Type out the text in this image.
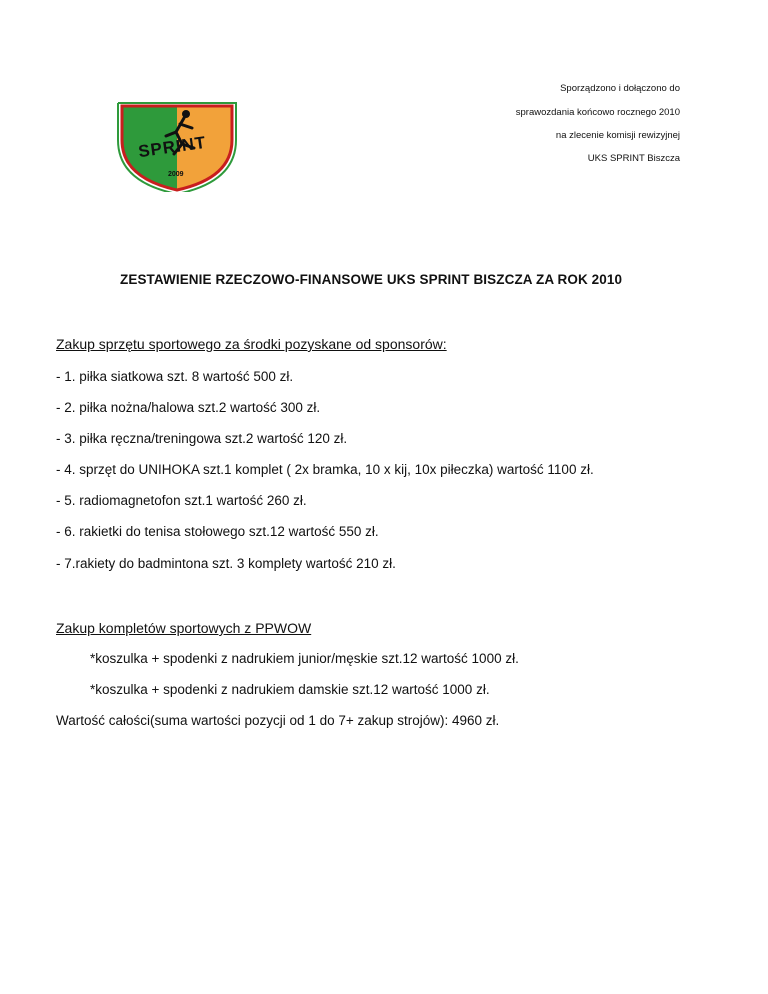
SPRINT
2009
Sporządzono i dołączono do
sprawozdania końcowo rocznego 2010
na zlecenie komisji rewizyjnej
UKS SPRINT Biszcza
ZESTAWIENIE RZECZOWO-FINANSOWE UKS SPRINT BISZCZA ZA ROK 2010
Zakup sprzętu sportowego za środki pozyskane od sponsorów:
- 1. piłka siatkowa szt. 8 wartość 500 zł.
- 2. piłka nożna/halowa szt.2 wartość 300 zł.
- 3. piłka ręczna/treningowa szt.2 wartość 120 zł.
- 4. sprzęt do UNIHOKA szt.1 komplet ( 2x bramka, 10 x kij, 10x piłeczka) wartość 1100 zł.
- 5. radiomagnetofon szt.1 wartość 260 zł.
- 6. rakietki do tenisa stołowego szt.12 wartość 550 zł.
- 7.rakiety do badmintona szt. 3 komplety wartość 210 zł.
Zakup kompletów sportowych z PPWOW
*koszulka + spodenki z nadrukiem junior/męskie szt.12 wartość 1000 zł.
*koszulka + spodenki z nadrukiem damskie szt.12 wartość 1000 zł.
Wartość całości(suma wartości pozycji od 1 do 7+ zakup strojów): 4960 zł.
